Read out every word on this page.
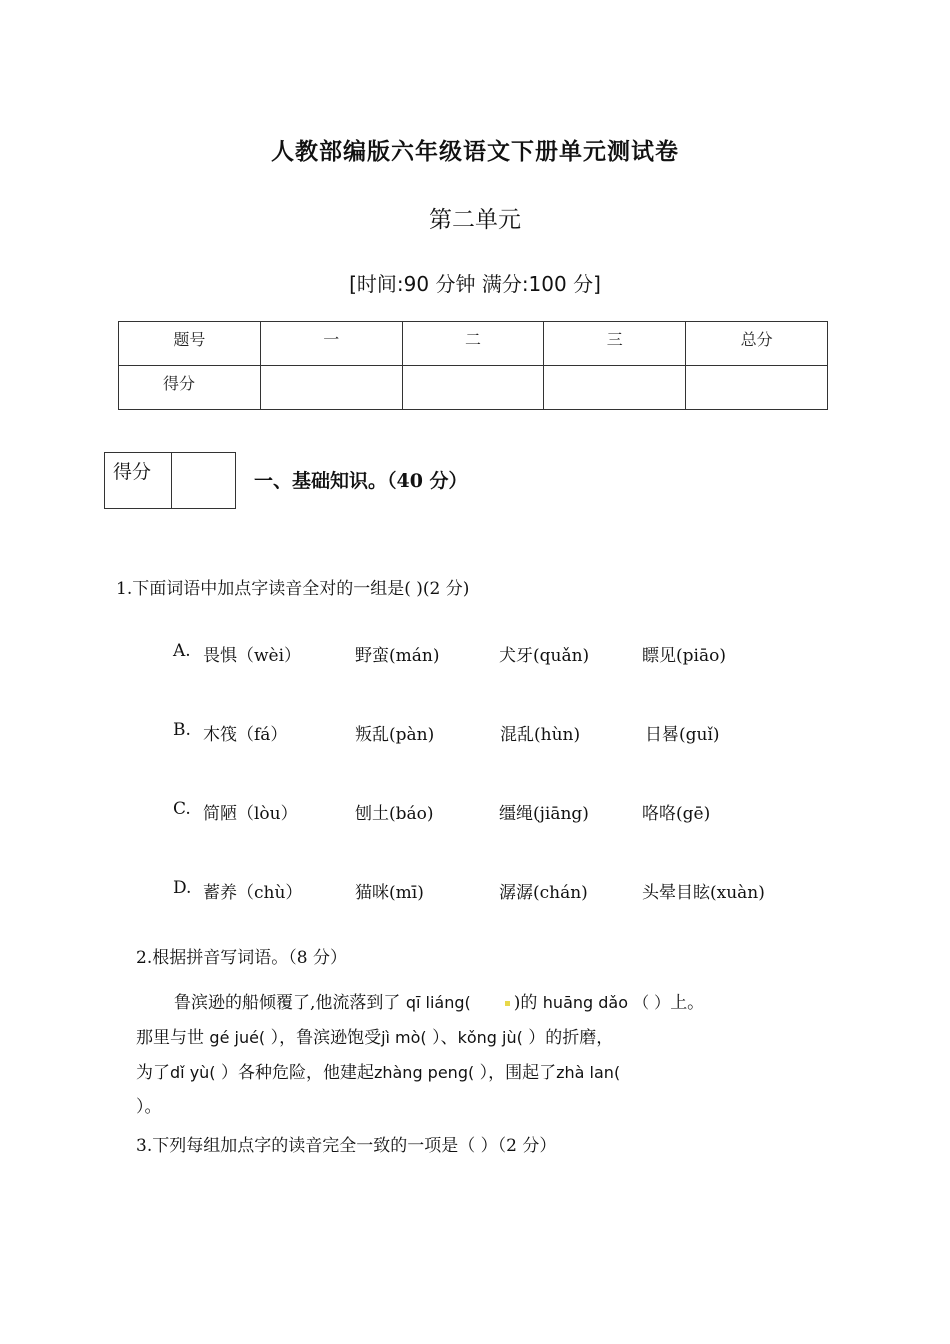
人教部编版六年级语文下册单元测试卷
第二单元
[时间:90 分钟 满分:100 分]
题号	一	二	三	总分
得分				
得分	一、基础知识。（40 分）
1.下面词语中加点字读音全对的一组是( )(2 分)
A. 畏惧（wèi）	野蛮(mán)	犬牙(quǎn)	瞟见(piāo)
B. 木筏（fá）	叛乱(pàn)	混乱(hùn)	日晷(guǐ)
C. 简陋（lòu）	刨土(báo)	缰绳(jiāng)	咯咯(gē)
D. 蓄养（chù）	猫咪(mī)	潺潺(chán)	头晕目眩(xuàn)
2.根据拼音写词语。（8 分）
鲁滨逊的船倾覆了,他流落到了 qī liáng(	)的 huāng dǎo （ ）上。
那里与世 gé jué( ），鲁滨逊饱受jì mò( ）、kǒng jù( ）的折磨，
为了dǐ yù( ）各种危险，他建起zhàng peng( ），围起了zhà lan(
）。
3.下列每组加点字的读音完全一致的一项是（ ）（2 分）
